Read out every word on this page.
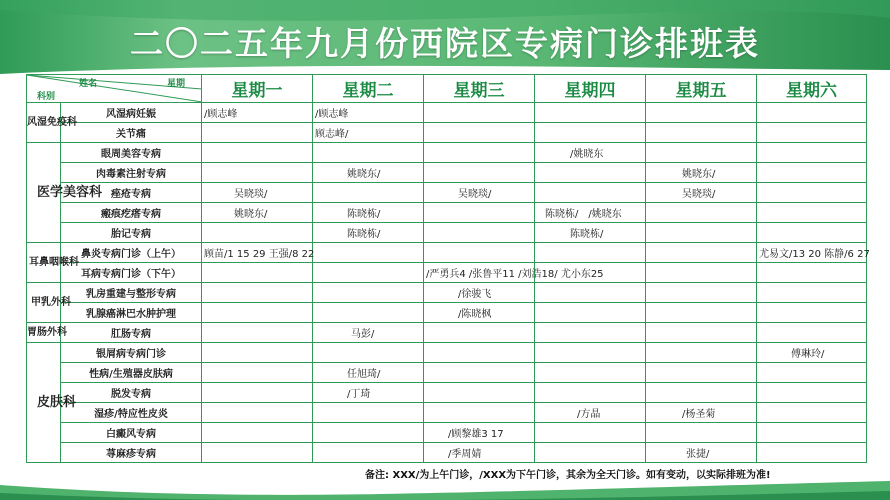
二〇二五年九月份西院区专病门诊排班表
姓名 星期
科别		星期一	星期二	星期三	星期四	星期五	星期六
风湿免疫科	风湿病妊娠	/顾志峰	/顾志峰				
	关节痛		顾志峰/				
医学美容科	眼周美容专病				/姚晓东		
	肉毒素注射专病		姚晓东/			姚晓东/	
	痤疮专病	吴晓琰/		吴晓琰/		吴晓琰/	
	瘢痕疙瘩专病	姚晓东/	陈晓栋/		陈晓栋/　/姚晓东		
	胎记专病		陈晓栋/		陈晓栋/		
耳鼻咽喉科	鼻炎专病门诊（上午）	顾苗/1 15 29 王强/8 22					尤易文/13 20 陈静/6 27
	耳病专病门诊（下午）			/严勇兵4 /张鲁平11 /刘浩18/ 尤小东25			
甲乳外科	乳房重建与整形专病			/徐骏飞			
	乳腺癌淋巴水肿护理			/陈晓枫			
胃肠外科	肛肠专病		马彭/				
皮肤科	银屑病专病门诊						傅琳玲/
	性病/生殖器皮肤病		任旭琦/				
	脱发专病		/丁琦				
	湿疹/特应性皮炎				/方晶	/杨圣菊	
	白癜风专病			/顾黎雄3 17			
	荨麻疹专病			/季周婧		张捷/	
备注: XXX/为上午门诊，/XXX为下午门诊，其余为全天门诊。如有变动，以实际排班为准!
